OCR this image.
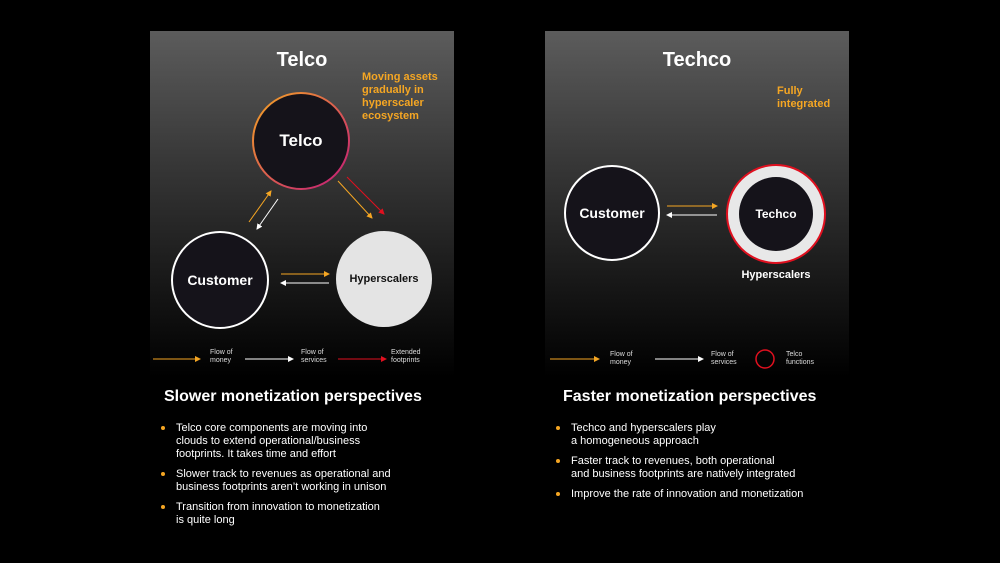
Telco
Moving assets
gradually in
hyperscaler
ecosystem
Telco
Customer	Hyperscalers
Flow of
money
Flow of
services
Extended
footprints
Techco
Fully
integrated
Customer	Techco
Hyperscalers
Flow of
money
Flow of
services
Telco
functions
Slower monetization perspectives
Telco core components are moving into
clouds to extend operational/business
footprints. It takes time and effort
Slower track to revenues as operational and
business footprints aren’t working in unison
Transition from innovation to monetization
is quite long
Faster monetization perspectives
Techco and hyperscalers play
a homogeneous approach
Faster track to revenues, both operational
and business footprints are natively integrated
Improve the rate of innovation and monetization
